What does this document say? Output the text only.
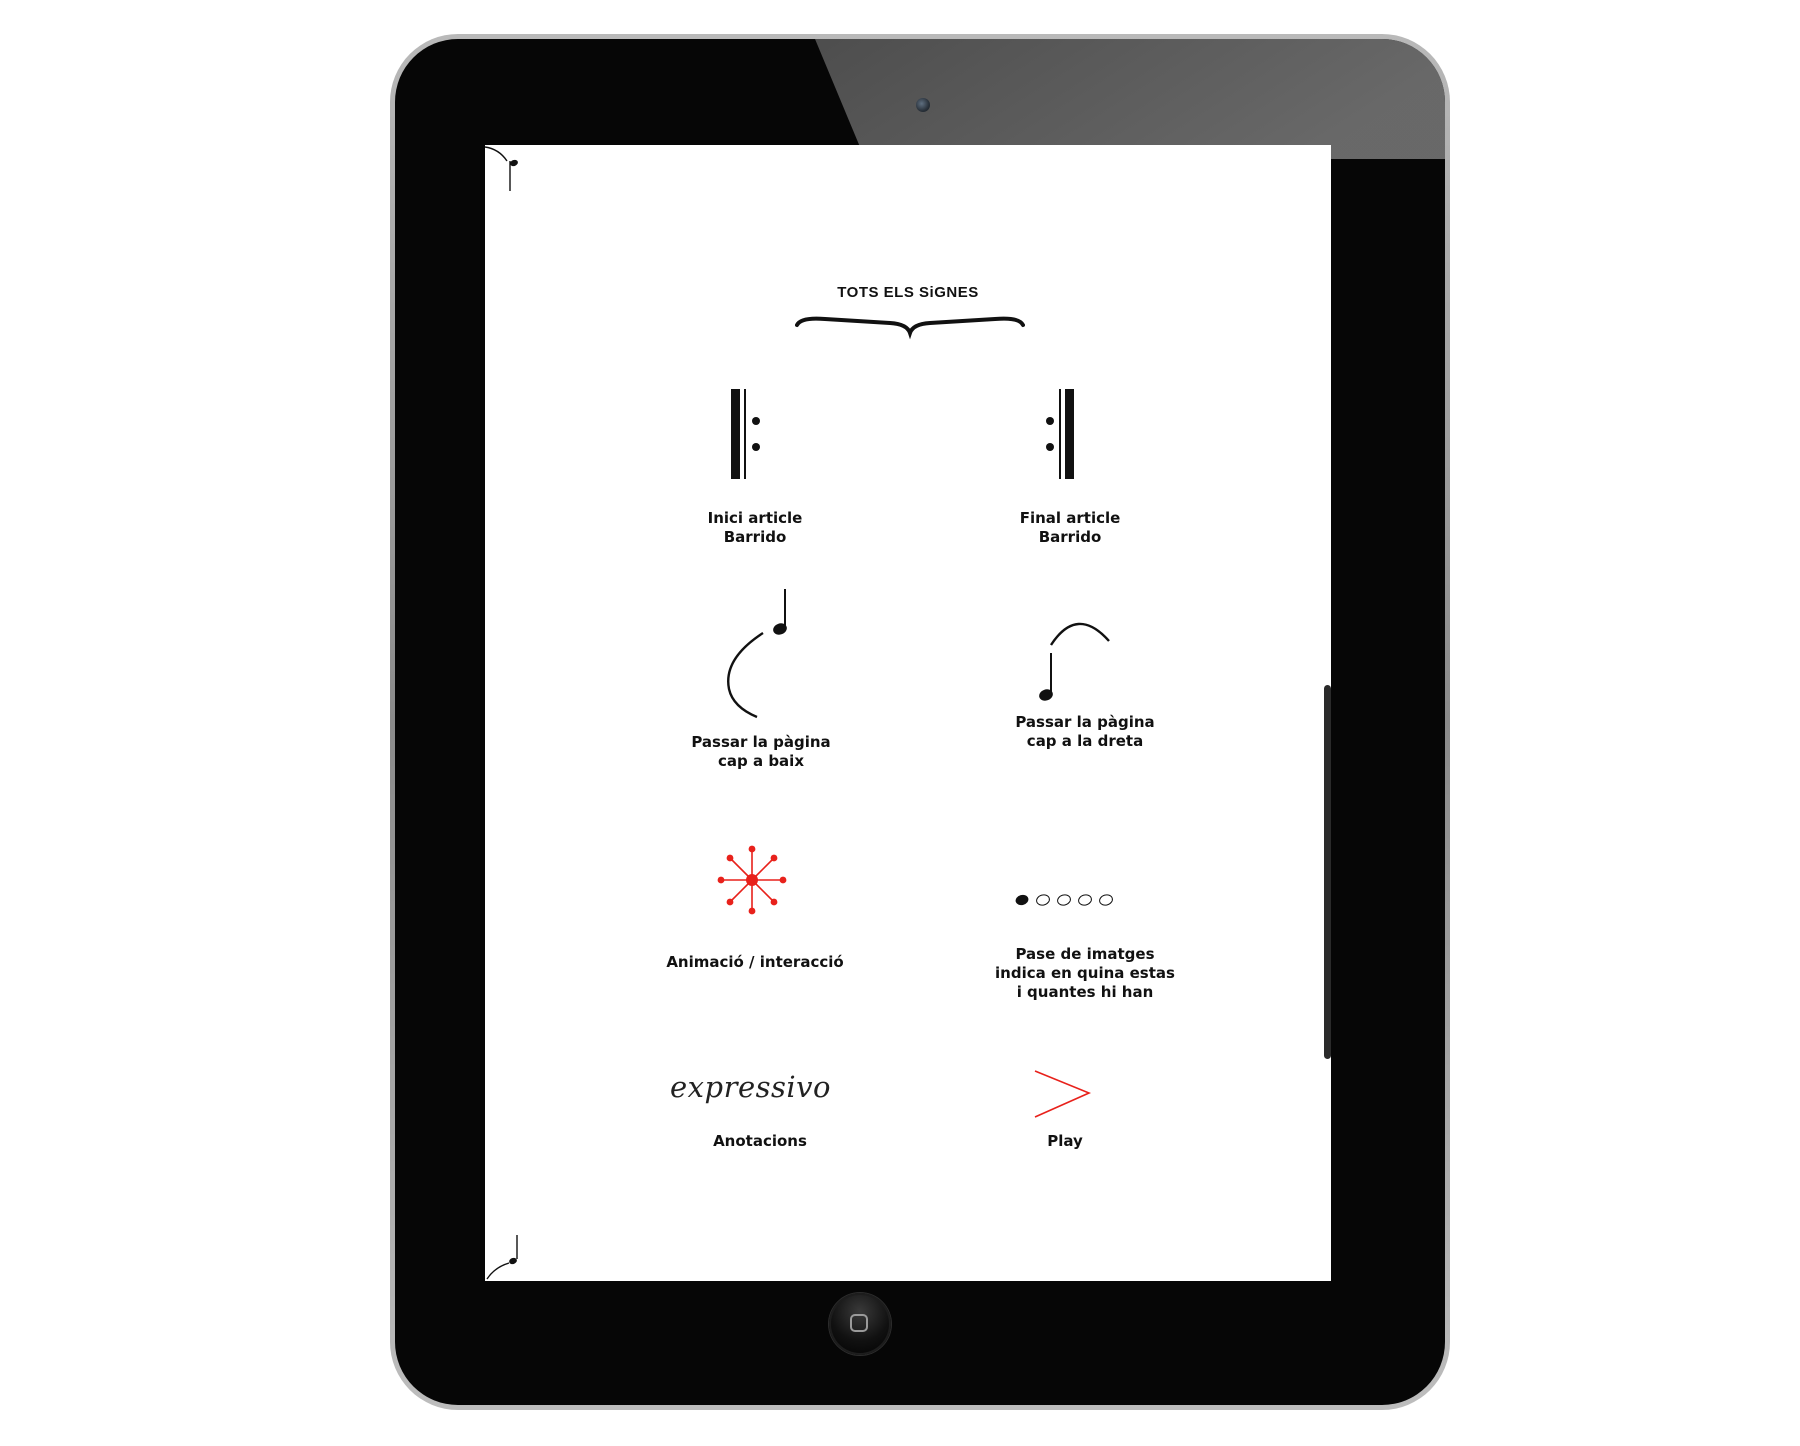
TOTS ELS SiGNES
Inici article
Barrido
Final article
Barrido
Passar la pàgina
cap a baix
Passar la pàgina
cap a la dreta
Animació / interacció	Pase de imatges
indica en quina estas
i quantes hi han
expressivo
Anotacions	Play
